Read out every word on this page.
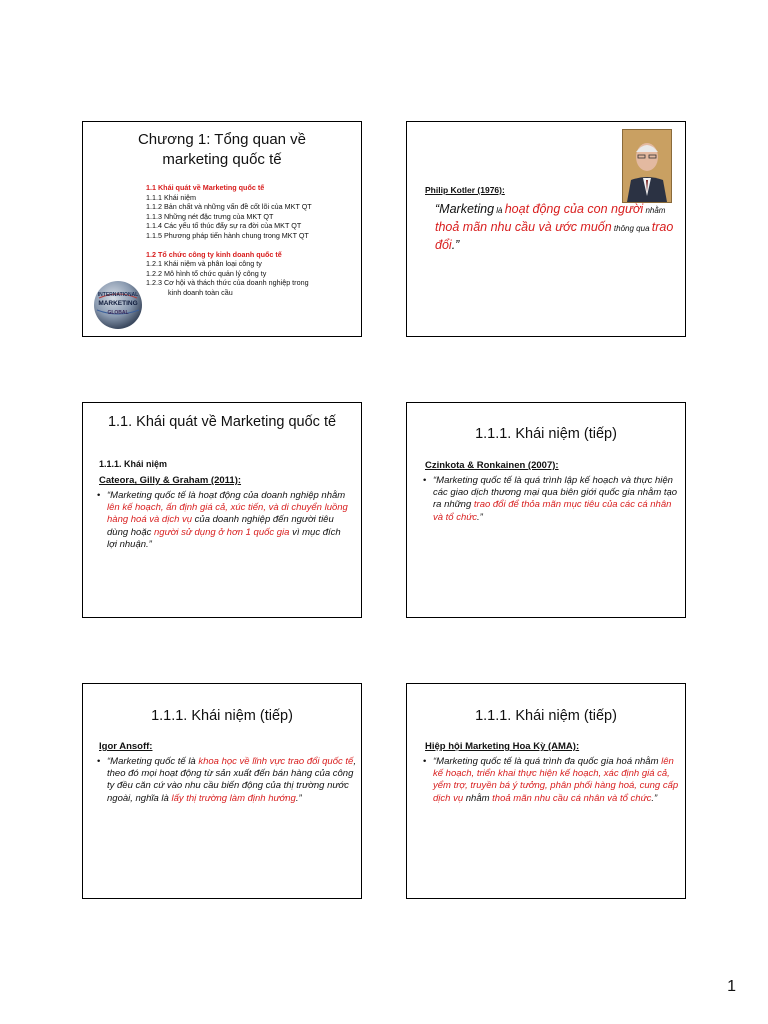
Chương 1: Tổng quan về
marketing quốc tế
1.1 Khái quát về Marketing quốc tế
1.1.1 Khái niệm
1.1.2 Bản chất và những vấn đề cốt lõi của MKT QT
1.1.3 Những nét đặc trưng của MKT QT
1.1.4 Các yếu tố thúc đẩy sự ra đời của MKT QT
1.1.5 Phương pháp tiến hành chung trong MKT QT
1.2 Tổ chức công ty kinh doanh quốc tế
1.2.1 Khái niệm và phân loại công ty
1.2.2 Mô hình tổ chức quản lý công ty
1.2.3 Cơ hội và thách thức của doanh nghiệp trong
kinh doanh toàn cầu
INTERNATIONAL
MARKETING
GLOBAL
Philip Kotler (1976):
“Marketing là hoạt động của con người nhằm thoả mãn nhu cầu và ước muốn thông qua trao đổi.”
1.1. Khái quát về Marketing quốc tế
1.1.1. Khái niệm
Cateora, Gilly & Graham (2011):
• “Marketing quốc tế là hoạt động của doanh nghiệp nhằm lên kế hoạch, ấn định giá cả, xúc tiến, và di chuyển luồng hàng hoá và dịch vụ của doanh nghiệp đến người tiêu dùng hoặc người sử dụng ở hơn 1 quốc gia vì mục đích lợi nhuận.”
1.1.1. Khái niệm (tiếp)
Czinkota & Ronkainen (2007):
• “Marketing quốc tế là quá trình lập kế hoạch và thực hiện các giao dịch thương mại qua biên giới quốc gia nhằm tạo ra những trao đổi để thỏa mãn mục tiêu của các cá nhân và tổ chức.”
1.1.1. Khái niệm (tiếp)
Igor Ansoff:
• “Marketing quốc tế là khoa học về lĩnh vực trao đổi quốc tế, theo đó mọi hoạt động từ sản xuất đến bán hàng của công ty đều căn cứ vào nhu cầu biến động của thị trường nước ngoài, nghĩa là lấy thị trường làm định hướng.”
1.1.1. Khái niệm (tiếp)
Hiệp hội Marketing Hoa Kỳ (AMA):
• “Marketing quốc tế là quá trình đa quốc gia hoá nhằm lên kế hoạch, triển khai thực hiện kế hoạch, xác định giá cả, yểm trợ, truyền bá ý tưởng, phân phối hàng hoá, cung cấp dịch vụ nhằm thoả mãn nhu cầu cá nhân và tổ chức.”
1
